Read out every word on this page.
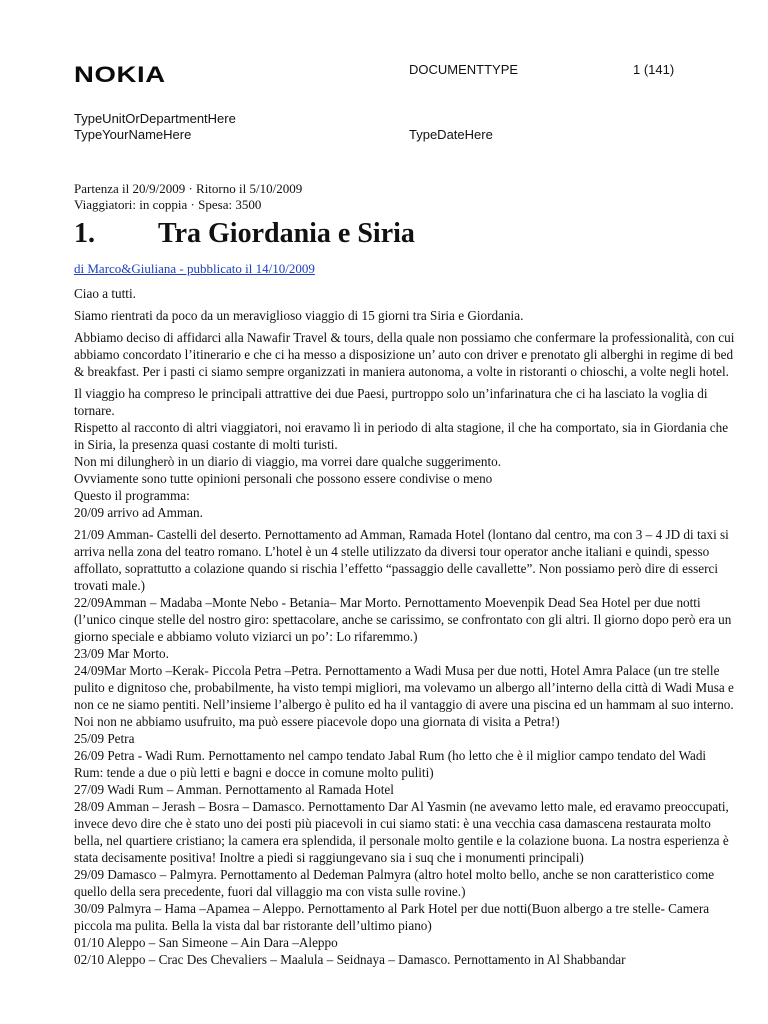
NOKIA	DOCUMENTTYPE	1 (141)
TypeUnitOrDepartmentHere
TypeYourNameHere	TypeDateHere
Partenza il 20/9/2009 · Ritorno il 5/10/2009
Viaggiatori: in coppia · Spesa: 3500
1. Tra Giordania e Siria
di Marco&Giuliana - pubblicato il 14/10/2009

Ciao a tutti.

Siamo rientrati da poco da un meraviglioso viaggio di 15 giorni tra Siria e Giordania.

Abbiamo deciso di affidarci alla Nawafir Travel & tours, della quale non possiamo che confermare la professionalità, con cui abbiamo concordato l’itinerario e che ci ha messo a disposizione un’ auto con driver e prenotato gli alberghi in regime di bed & breakfast. Per i pasti ci siamo sempre organizzati in maniera autonoma, a volte in ristoranti o chioschi, a volte negli hotel.

Il viaggio ha compreso le principali attrattive dei due Paesi, purtroppo solo un’infarinatura che ci ha lasciato la voglia di tornare.
Rispetto al racconto di altri viaggiatori, noi eravamo lì in periodo di alta stagione, il che ha comportato, sia in Giordania che in Siria, la presenza quasi costante di molti turisti.
Non mi dilungherò in un diario di viaggio, ma vorrei dare qualche suggerimento.
Ovviamente sono tutte opinioni personali che possono essere condivise o meno
Questo il programma:
20/09 arrivo ad Amman.
21/09 Amman- Castelli del deserto. Pernottamento ad Amman, Ramada Hotel (lontano dal centro, ma con 3 – 4 JD di taxi si arriva nella zona del teatro romano. L’hotel è un 4 stelle utilizzato da diversi tour operator anche italiani e quindi, spesso affollato, soprattutto a colazione quando si rischia l’effetto “passaggio delle cavallette”. Non possiamo però dire di esserci trovati male.)
22/09Amman – Madaba –Monte Nebo - Betania– Mar Morto. Pernottamento Moevenpik Dead Sea Hotel per due notti (l’unico cinque stelle del nostro giro: spettacolare, anche se carissimo, se confrontato con gli altri. Il giorno dopo però era un giorno speciale e abbiamo voluto viziarci un po’: Lo rifaremmo.)
23/09 Mar Morto.
24/09Mar Morto –Kerak- Piccola Petra –Petra. Pernottamento a Wadi Musa per due notti, Hotel Amra Palace (un tre stelle pulito e dignitoso che, probabilmente, ha visto tempi migliori, ma volevamo un albergo all’interno della città di Wadi Musa e non ce ne siamo pentiti. Nell’insieme l’albergo è pulito ed ha il vantaggio di avere una piscina ed un hammam al suo interno. Noi non ne abbiamo usufruito, ma può essere piacevole dopo una giornata di visita a Petra!)
25/09 Petra
26/09 Petra - Wadi Rum. Pernottamento nel campo tendato Jabal Rum (ho letto che è il miglior campo tendato del Wadi Rum: tende a due o più letti e bagni e docce in comune molto puliti)
27/09 Wadi Rum – Amman. Pernottamento al Ramada Hotel
28/09 Amman – Jerash – Bosra – Damasco. Pernottamento Dar Al Yasmin (ne avevamo letto male, ed eravamo preoccupati, invece devo dire che è stato uno dei posti più piacevoli in cui siamo stati: è una vecchia casa damascena restaurata molto bella, nel quartiere cristiano; la camera era splendida, il personale molto gentile e la colazione buona. La nostra esperienza è stata decisamente positiva! Inoltre a piedi si raggiungevano sia i suq che i monumenti principali)
29/09 Damasco – Palmyra. Pernottamento al Dedeman Palmyra (altro hotel molto bello, anche se non caratteristico come quello della sera precedente, fuori dal villaggio ma con vista sulle rovine.)
30/09 Palmyra – Hama –Apamea – Aleppo. Pernottamento al Park Hotel per due notti(Buon albergo a tre stelle- Camera piccola ma pulita. Bella la vista dal bar ristorante dell’ultimo piano)
01/10 Aleppo – San Simeone – Ain Dara –Aleppo
02/10 Aleppo – Crac Des Chevaliers – Maalula – Seidnaya – Damasco. Pernottamento in Al Shabbandar
